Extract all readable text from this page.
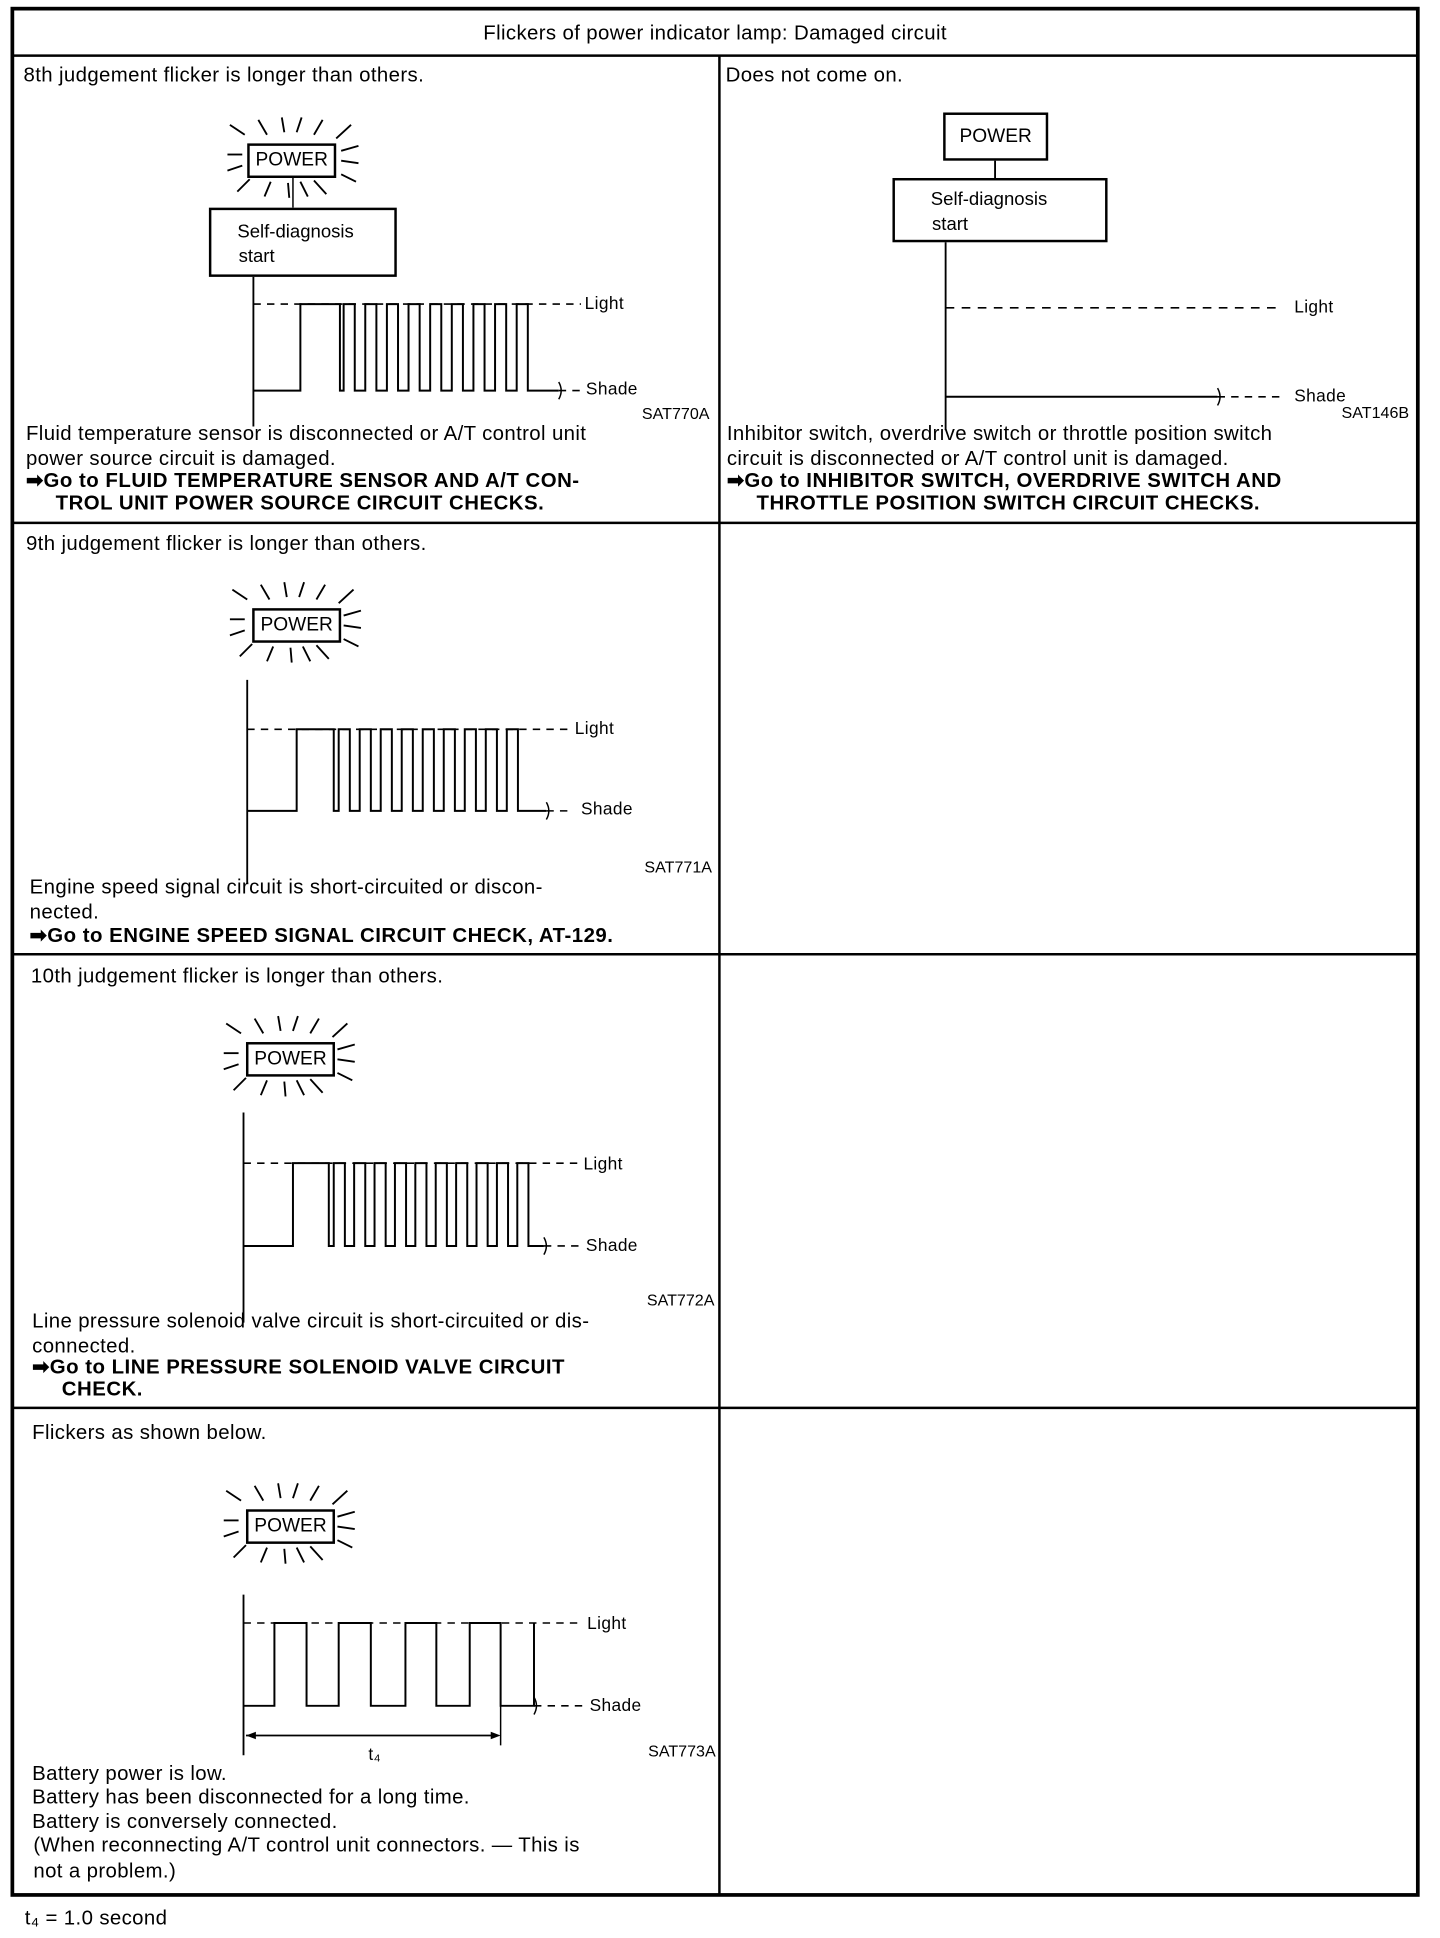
Flickers of power indicator lamp: Damaged circuit
8th judgement flicker is longer than others.
POWER
Self-diagnosis
start
Light
Shade
SAT770A
Fluid temperature sensor is disconnected or A/T control unit
power source circuit is damaged.
➡Go to FLUID TEMPERATURE SENSOR AND A/T CON-
TROL UNIT POWER SOURCE CIRCUIT CHECKS.
Does not come on.
POWER
Self-diagnosis
start
Light
Shade
SAT146B
Inhibitor switch, overdrive switch or throttle position switch
circuit is disconnected or A/T control unit is damaged.
➡Go to INHIBITOR SWITCH, OVERDRIVE SWITCH AND
THROTTLE POSITION SWITCH CIRCUIT CHECKS.
9th judgement flicker is longer than others.
POWER
Light
Shade
SAT771A
Engine speed signal circuit is short-circuited or discon-
nected.
➡Go to ENGINE SPEED SIGNAL CIRCUIT CHECK, AT-129.
10th judgement flicker is longer than others.
POWER
Light
Shade
SAT772A
Line pressure solenoid valve circuit is short-circuited or dis-
connected.
➡Go to LINE PRESSURE SOLENOID VALVE CIRCUIT
CHECK.
Flickers as shown below.
POWER
Light
Shade
t₄	SAT773A
Battery power is low.
Battery has been disconnected for a long time.
Battery is conversely connected.
(When reconnecting A/T control unit connectors. — This is
not a problem.)
t₄ = 1.0 second
